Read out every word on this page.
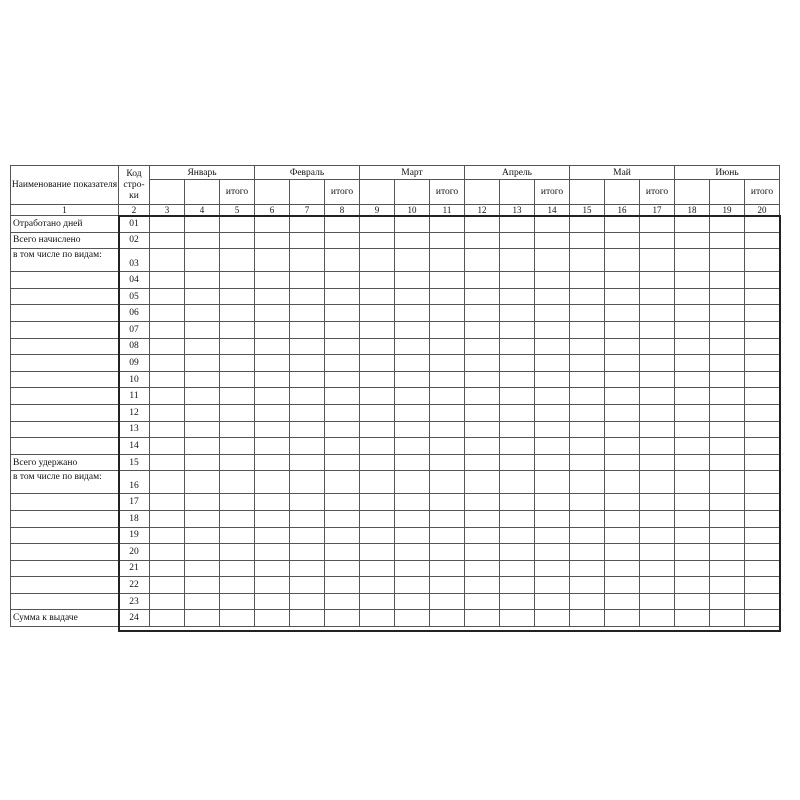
Наименование показателя	Код стро-ки	Январь			Февраль			Март			Апрель			Май			Июнь		
				итого			итого			итого			итого			итого			итого
1	2	3	4	5	6	7	8	9	10	11	12	13	14	15	16	17	18	19	20
Отработано дней	01																		
Всего начислено	02																		
в том числе по видам:	03																		
	04																		
	05																		
	06																		
	07																		
	08																		
	09																		
	10																		
	11																		
	12																		
	13																		
	14																		
Всего удержано	15																		
в том числе по видам:	16																		
	17																		
	18																		
	19																		
	20																		
	21																		
	22																		
	23																		
Сумма к выдаче	24																		
